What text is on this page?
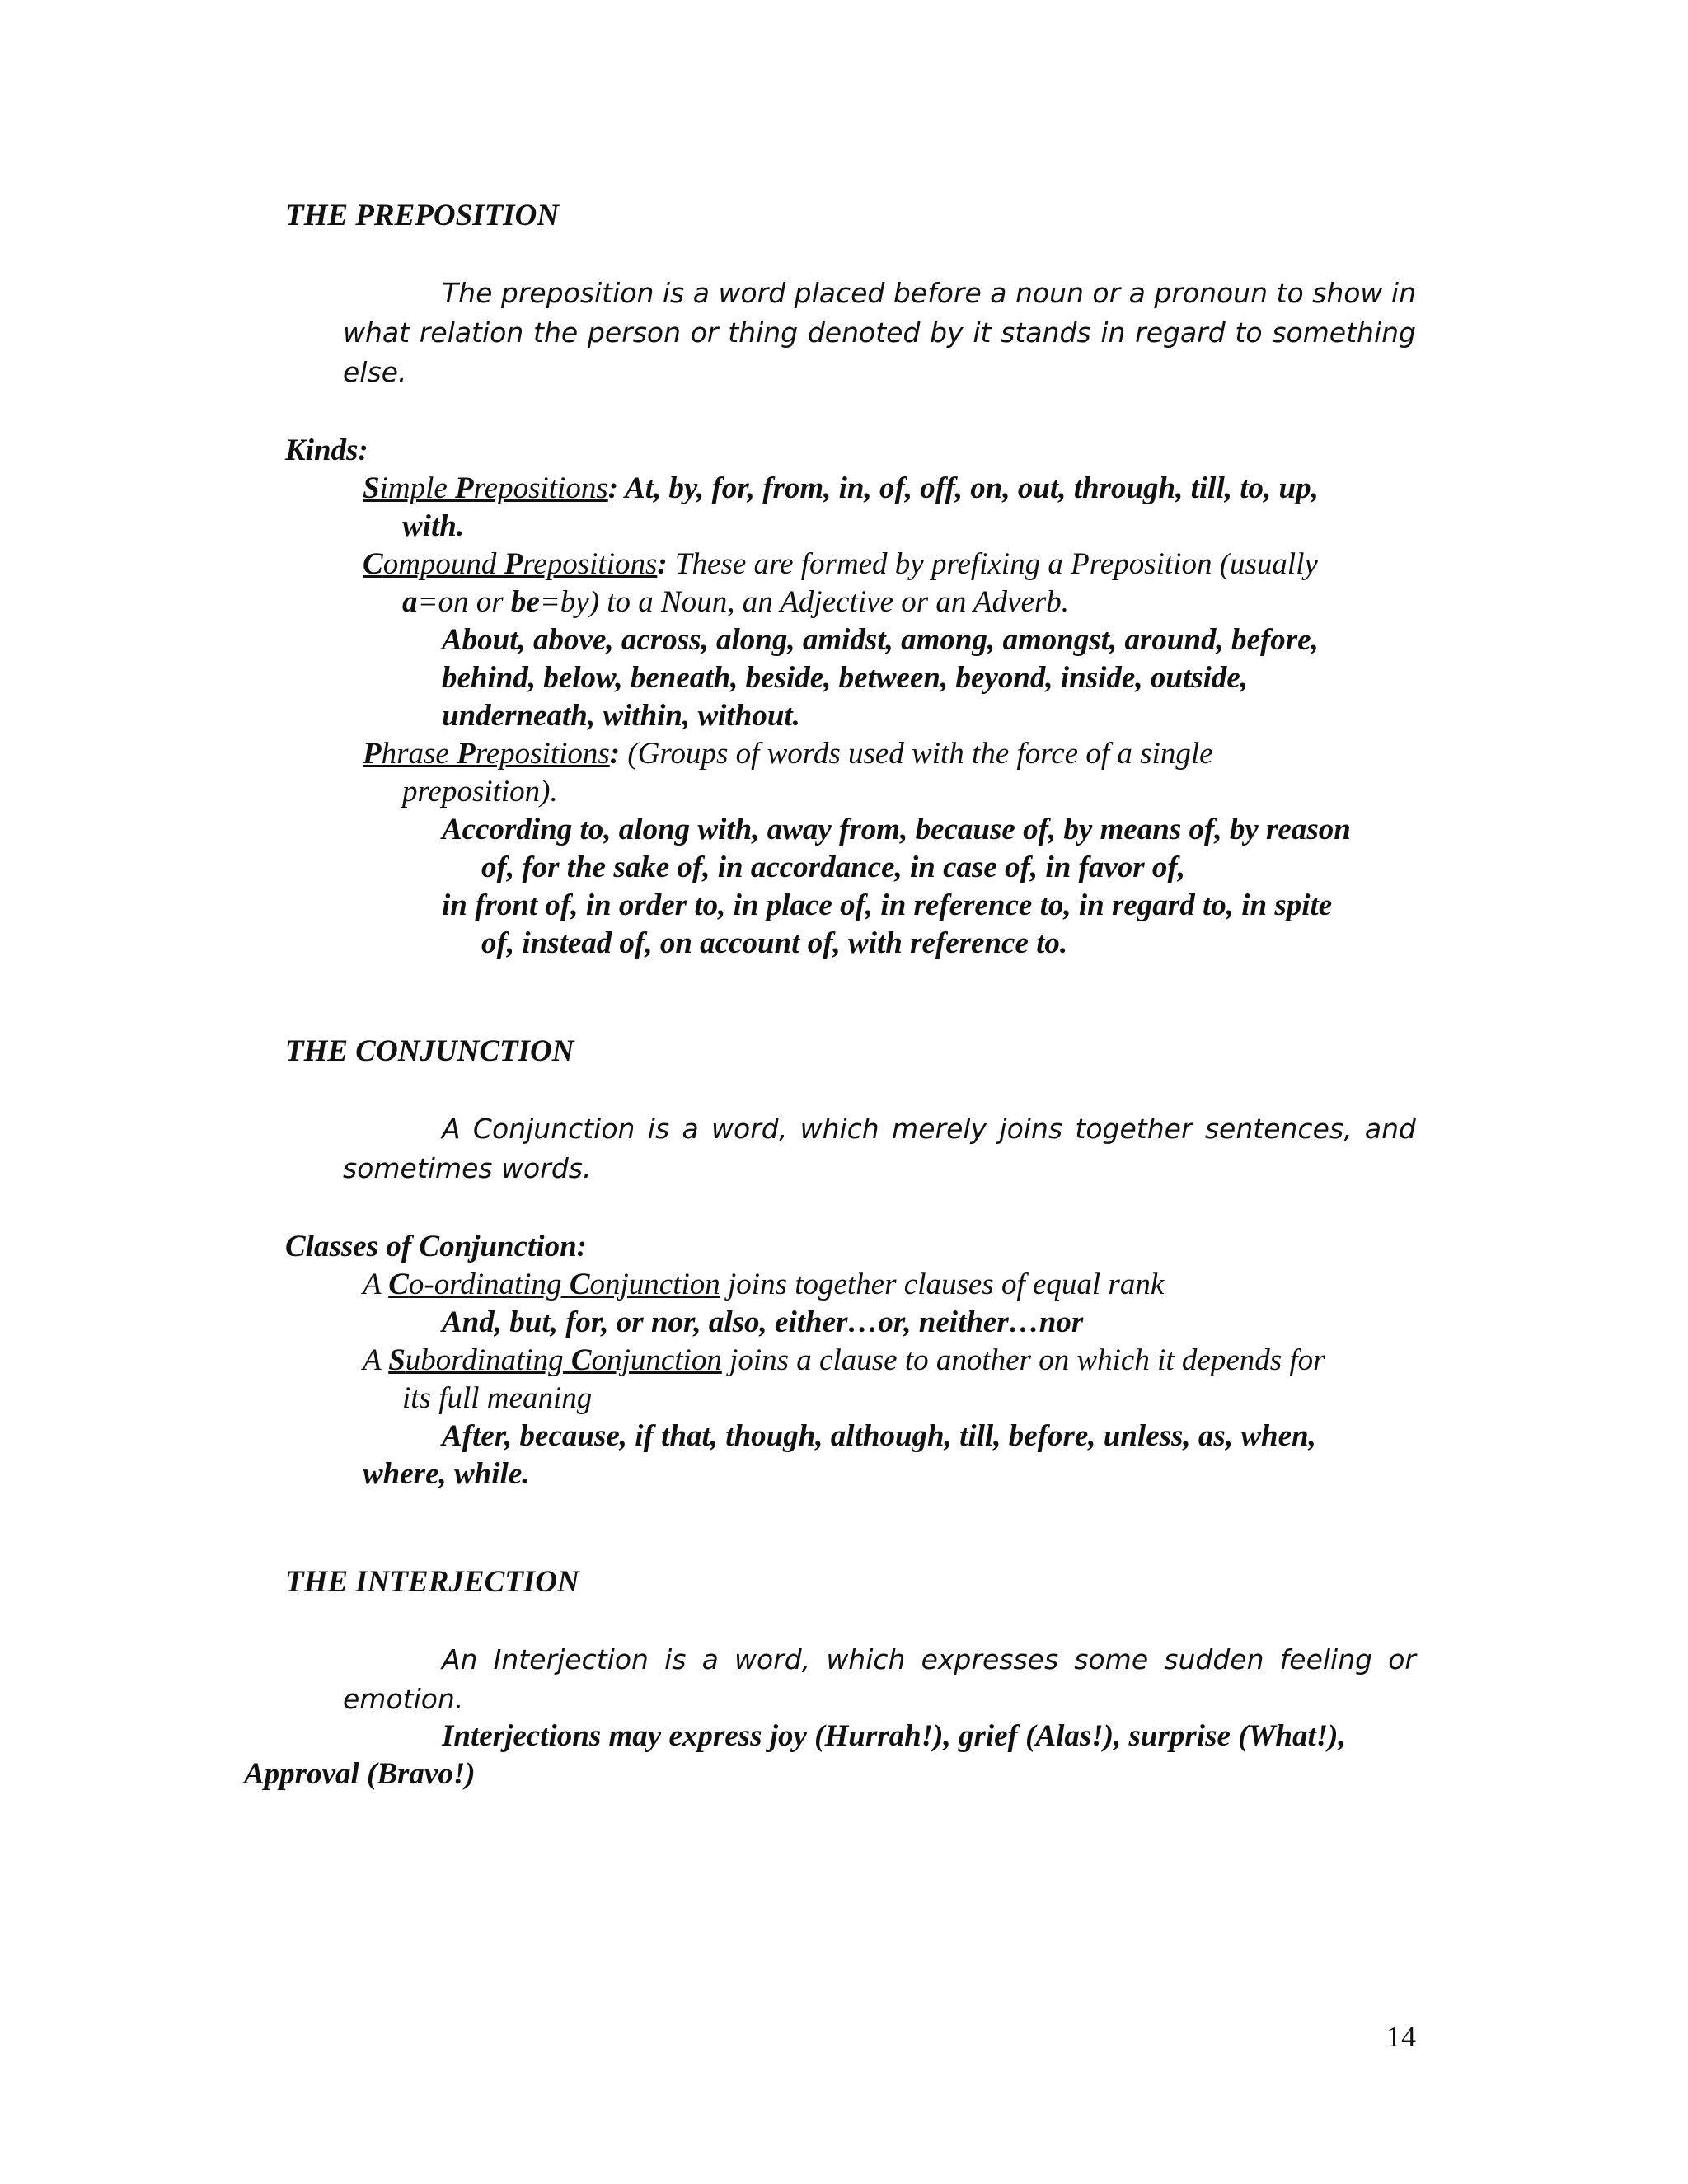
THE PREPOSITION
The preposition is a word placed before a noun or a pronoun to show in
what relation the person or thing denoted by it stands in regard to something
else.
Kinds:
Simple Prepositions: At, by, for, from, in, of, off, on, out, through, till, to, up,
with.
Compound Prepositions: These are formed by prefixing a Preposition (usually
a=on or be=by) to a Noun, an Adjective or an Adverb.
About, above, across, along, amidst, among, amongst, around, before,
behind, below, beneath, beside, between, beyond, inside, outside,
underneath, within, without.
Phrase Prepositions: (Groups of words used with the force of a single
preposition).
According to, along with, away from, because of, by means of, by reason
of, for the sake of, in accordance, in case of, in favor of,
in front of, in order to, in place of, in reference to, in regard to, in spite
of, instead of, on account of, with reference to.
THE CONJUNCTION
A Conjunction is a word, which merely joins together sentences, and
sometimes words.
Classes of Conjunction:
A Co-ordinating Conjunction joins together clauses of equal rank
And, but, for, or nor, also, either…or, neither…nor
A Subordinating Conjunction joins a clause to another on which it depends for
its full meaning
After, because, if that, though, although, till, before, unless, as, when,
where, while.
THE INTERJECTION
An Interjection is a word, which expresses some sudden feeling or
emotion.
Interjections may express joy (Hurrah!), grief (Alas!), surprise (What!),
Approval (Bravo!)
14
